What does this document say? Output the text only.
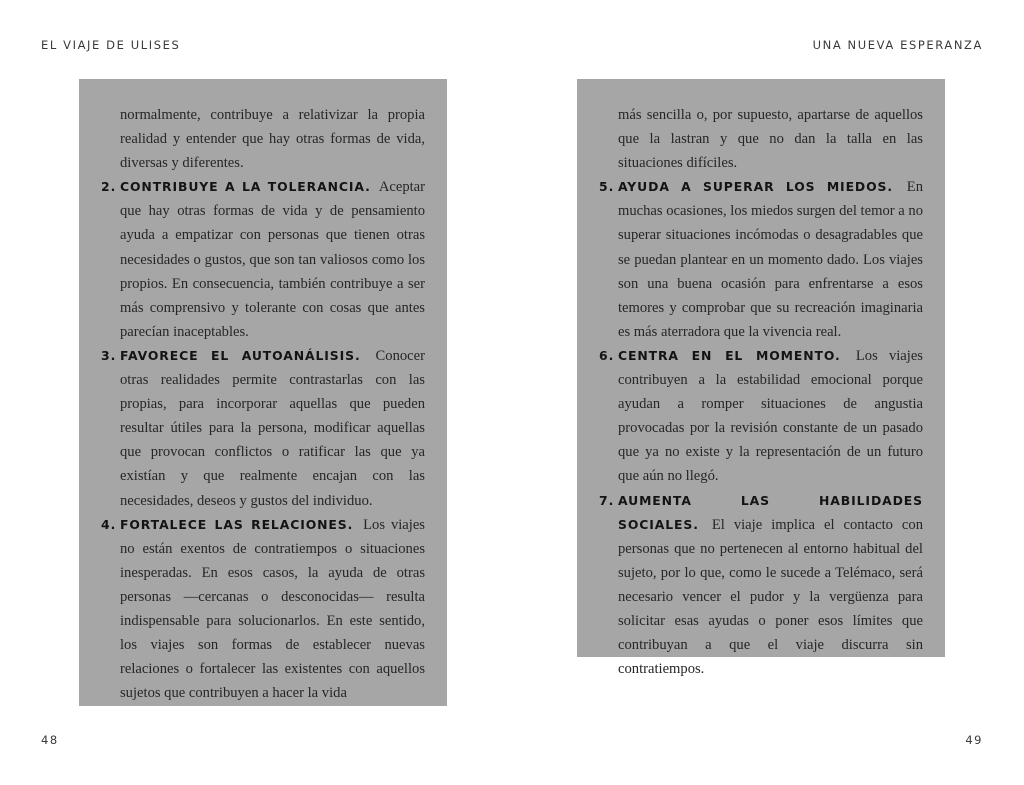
EL VIAJE DE ULISES	UNA NUEVA ESPERANZA

normalmente, contribuye a relativizar la propia realidad y entender que hay otras formas de vida, diversas y diferentes.

2. CONTRIBUYE A LA TOLERANCIA. Aceptar que hay otras formas de vida y de pensamiento ayuda a empatizar con personas que tienen otras necesidades o gustos, que son tan valiosos como los propios. En consecuencia, también contribuye a ser más comprensivo y tolerante con cosas que antes parecían inaceptables.

3. FAVORECE EL AUTOANÁLISIS. Conocer otras realidades permite contrastarlas con las propias, para incorporar aquellas que pueden resultar útiles para la persona, modificar aquellas que provocan conflictos o ratificar las que ya existían y que realmente encajan con las necesidades, deseos y gustos del individuo.

4. FORTALECE LAS RELACIONES. Los viajes no están exentos de contratiempos o situaciones inesperadas. En esos casos, la ayuda de otras personas —cercanas o desconocidas— resulta indispensable para solucionarlos. En este sentido, los viajes son formas de establecer nuevas relaciones o fortalecer las existentes con aquellos sujetos que contribuyen a hacer la vida

más sencilla o, por supuesto, apartarse de aquellos que la lastran y que no dan la talla en las situaciones difíciles.

5. AYUDA A SUPERAR LOS MIEDOS. En muchas ocasiones, los miedos surgen del temor a no superar situaciones incómodas o desagradables que se puedan plantear en un momento dado. Los viajes son una buena ocasión para enfrentarse a esos temores y comprobar que su recreación imaginaria es más aterradora que la vivencia real.

6. CENTRA EN EL MOMENTO. Los viajes contribuyen a la estabilidad emocional porque ayudan a romper situaciones de angustia provocadas por la revisión constante de un pasado que ya no existe y la representación de un futuro que aún no llegó.

7. AUMENTA LAS HABILIDADES SOCIALES. El viaje implica el contacto con personas que no pertenecen al entorno habitual del sujeto, por lo que, como le sucede a Telémaco, será necesario vencer el pudor y la vergüenza para solicitar esas ayudas o poner esos límites que contribuyan a que el viaje discurra sin contratiempos.

48	49
